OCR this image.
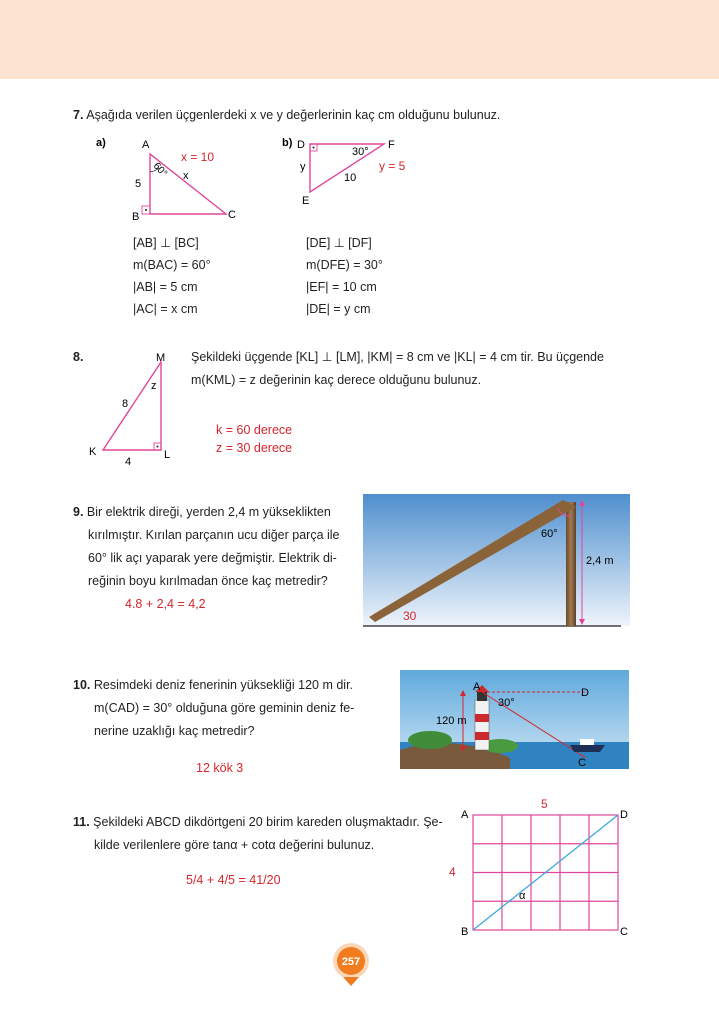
7. Aşağıda verilen üçgenlerdeki x ve y değerlerinin kaç cm olduğunu bulunuz.
a)	A
5
B	C
x
60°
x = 10
b) D	F
E
y
10
30°
y = 5
[AB] ⊥ [BC]
m(BAC) = 60°
|AB| = 5 cm
|AC| = x cm
[DE] ⊥ [DF]
m(DFE) = 30°
|EF| = 10 cm
|DE| = y cm
8.	M
K	L
z
8
4
Şekildeki üçgende [KL] ⊥ [LM], |KM| = 8 cm ve |KL| = 4 cm tir. Bu üçgende
m(KML) = z değerinin kaç derece olduğunu bulunuz.
k = 60 derece
z = 30 derece
9. Bir elektrik direği, yerden 2,4 m yükseklikten
kırılmıştır. Kırılan parçanın ucu diğer parça ile
60° lik açı yaparak yere değmiştir. Elektrik di-
reğinin boyu kırılmadan önce kaç metredir?
4.8 + 2,4 = 4,2
60°
2,4 m
30
10. Resimdeki deniz fenerinin yüksekliği 120 m dir.
m(CAD) = 30° olduğuna göre geminin deniz fe-
nerine uzaklığı kaç metredir?
12 kök 3
A	D
C
30°
120 m
11. Şekildeki ABCD dikdörtgeni 20 birim kareden oluşmaktadır. Şe-
kilde verilenlere göre tanα + cotα değerini bulunuz.
5/4 + 4/5 = 41/20
A	D
B	C
α
5
4
257
